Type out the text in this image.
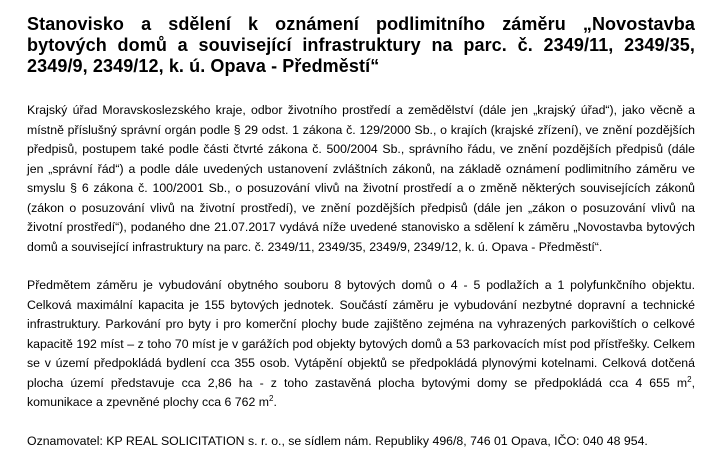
Stanovisko a sdělení k oznámení podlimitního záměru „Novostavba bytových domů a související infrastruktury na parc. č. 2349/11, 2349/35, 2349/9, 2349/12, k. ú. Opava - Předměstí“

Krajský úřad Moravskoslezského kraje, odbor životního prostředí a zemědělství (dále jen „krajský úřad“), jako věcně a místně příslušný správní orgán podle § 29 odst. 1 zákona č. 129/2000 Sb., o krajích (krajské zřízení), ve znění pozdějších předpisů, postupem také podle části čtvrté zákona č. 500/2004 Sb., správního řádu, ve znění pozdějších předpisů (dále jen „správní řád“) a podle dále uvedených ustanovení zvláštních zákonů, na základě oznámení podlimitního záměru ve smyslu § 6 zákona č. 100/2001 Sb., o posuzování vlivů na životní prostředí a o změně některých souvisejících zákonů (zákon o posuzování vlivů na životní prostředí), ve znění pozdějších předpisů (dále jen „zákon o posuzování vlivů na životní prostředí“), podaného dne 21.07.2017 vydává níže uvedené stanovisko a sdělení k záměru „Novostavba bytových domů a související infrastruktury na parc. č. 2349/11, 2349/35, 2349/9, 2349/12, k. ú. Opava - Předměstí“.

Předmětem záměru je vybudování obytného souboru 8 bytových domů o 4 - 5 podlažích a 1 polyfunkčního objektu. Celková maximální kapacita je 155 bytových jednotek. Součástí záměru je vybudování nezbytné dopravní a technické infrastruktury. Parkování pro byty i pro komerční plochy bude zajištěno zejména na vyhrazených parkovištích o celkové kapacitě 192 míst – z toho 70 míst je v garážích pod objekty bytových domů a 53 parkovacích míst pod přístřešky. Celkem se v území předpokládá bydlení cca 355 osob. Vytápění objektů se předpokládá plynovými kotelnami. Celková dotčená plocha území představuje cca 2,86 ha - z toho zastavěná plocha bytovými domy se předpokládá cca 4 655 $m^2$, komunikace a zpevněné plochy cca 6 762 $m^2$.

Oznamovatel: KP REAL SOLICITATION s. r. o., se sídlem nám. Republiky 496/8, 746 01 Opava, IČO: 040 48 954.
